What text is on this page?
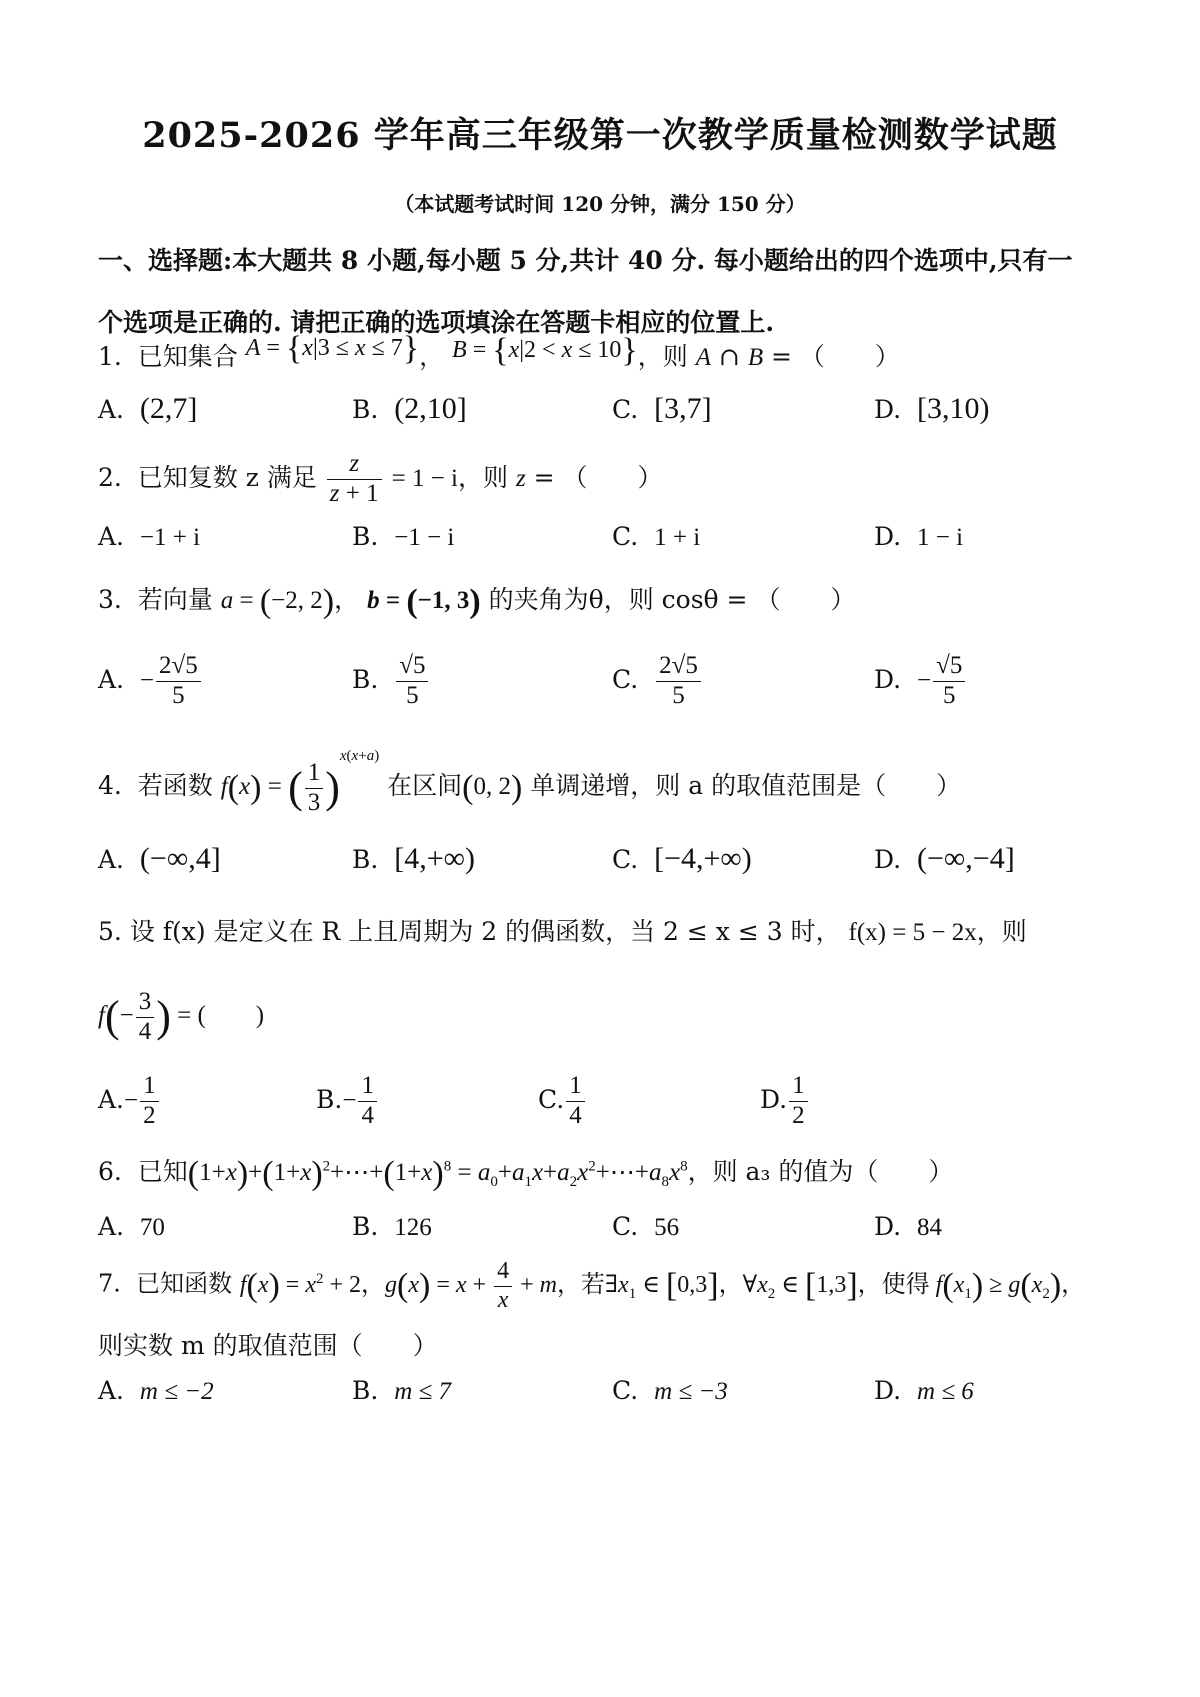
2025-2026 学年高三年级第一次教学质量检测数学试题
（本试题考试时间 120 分钟，满分 150 分）
一、选择题:本大题共 8 小题,每小题 5 分,共计 40 分. 每小题给出的四个选项中,只有一
个选项是正确的. 请把正确的选项填涂在答题卡相应的位置上.
1. 已知集合 A = {x|3 ≤ x ≤ 7}， B = {x|2 < x ≤ 10}，则 A ∩ B = （　　）
A. (2,7]	B. (2,10]	C. [3,7]	D. [3,10)
2. 已知复数 z 满足 $\frac{z}{z + 1} = 1 - i$，则 z = （　　）
A. −1 + i	B. −1 − i	C. 1 + i	D. 1 − i
3. 若向量 a = (−2, 2)， b = (−1, 3) 的夹角为θ，则 cosθ = （　　）
A. − $\frac{2√5}{5}$	B. $\frac{√5}{5}$	C. $\frac{2√5}{5}$	D. − $\frac{√5}{5}$
4. 若函数 f(x) = ( $\frac{1}{3} )^{x(x+a)}$ 在区间(0, 2) 单调递增，则 a 的取值范围是（　　）
A. (−∞,4]	B. [4,+∞)	C. [−4,+∞)	D. (−∞,−4]
5. 设 f(x) 是定义在 R 上且周期为 2 的偶函数，当 2 ≤ x ≤ 3 时， f(x) = 5 − 2x，则
$f(- \frac{3}{4}$ ) = (　　)
$A.- \frac{1}{2}$	$B.- \frac{1}{4}$	C. $\frac{1}{4}$	D. $\frac{1}{2}$
6. 已知$(1+x)+(1+x)^2+\cdots+(1+x)^8$ = $a_0+a_1x+a_2x^2+\cdots+a_8x^8$，则 a₃ 的值为（　　）
A. 70	B. 126	C. 56	D. 84
7. 已知函数 $f(x) = x^2 + 2$，$g(x) = x + \frac{4}{x} + m$，若$\exists x_1$ ∈ [0,3]，$\forall x_2$ ∈ [1,3]，使得 $f(x_1) \ge g(x_2)$，
则实数 m 的取值范围（　　）
A. m ≤ −2	B. m ≤ 7	C. m ≤ −3	D. m ≤ 6
